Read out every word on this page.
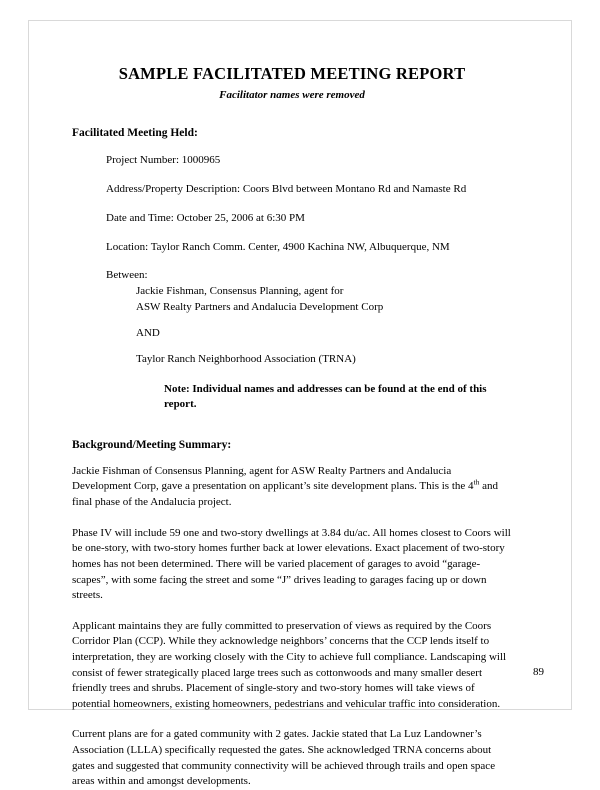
SAMPLE FACILITATED MEETING REPORT
Facilitator names were removed
Facilitated Meeting Held:
Project Number: 1000965
Address/Property Description: Coors Blvd between Montano Rd and Namaste Rd
Date and Time: October 25, 2006 at 6:30 PM
Location: Taylor Ranch Comm. Center, 4900 Kachina NW, Albuquerque, NM
Between:
Jackie Fishman, Consensus Planning, agent for
ASW Realty Partners and Andalucia Development Corp
AND
Taylor Ranch Neighborhood Association (TRNA)
Note: Individual names and addresses can be found at the end of this report.
Background/Meeting Summary:
Jackie Fishman of Consensus Planning, agent for ASW Realty Partners and Andalucia Development Corp, gave a presentation on applicant’s site development plans. This is the 4th and final phase of the Andalucia project.
Phase IV will include 59 one and two-story dwellings at 3.84 du/ac. All homes closest to Coors will be one-story, with two-story homes further back at lower elevations. Exact placement of two-story homes has not been determined. There will be varied placement of garages to avoid “garage-scapes”, with some facing the street and some “J” drives leading to garages facing up or down streets.
Applicant maintains they are fully committed to preservation of views as required by the Coors Corridor Plan (CCP). While they acknowledge neighbors’ concerns that the CCP lends itself to interpretation, they are working closely with the City to achieve full compliance. Landscaping will consist of fewer strategically placed large trees such as cottonwoods and many smaller desert friendly trees and shrubs. Placement of single-story and two-story homes will take views of potential homeowners, existing homeowners, pedestrians and vehicular traffic into consideration.
Current plans are for a gated community with 2 gates. Jackie stated that La Luz Landowner’s Association (LLLA) specifically requested the gates. She acknowledged TRNA concerns about gates and suggested that community connectivity will be achieved through trails and open space areas within and amongst developments.
89
